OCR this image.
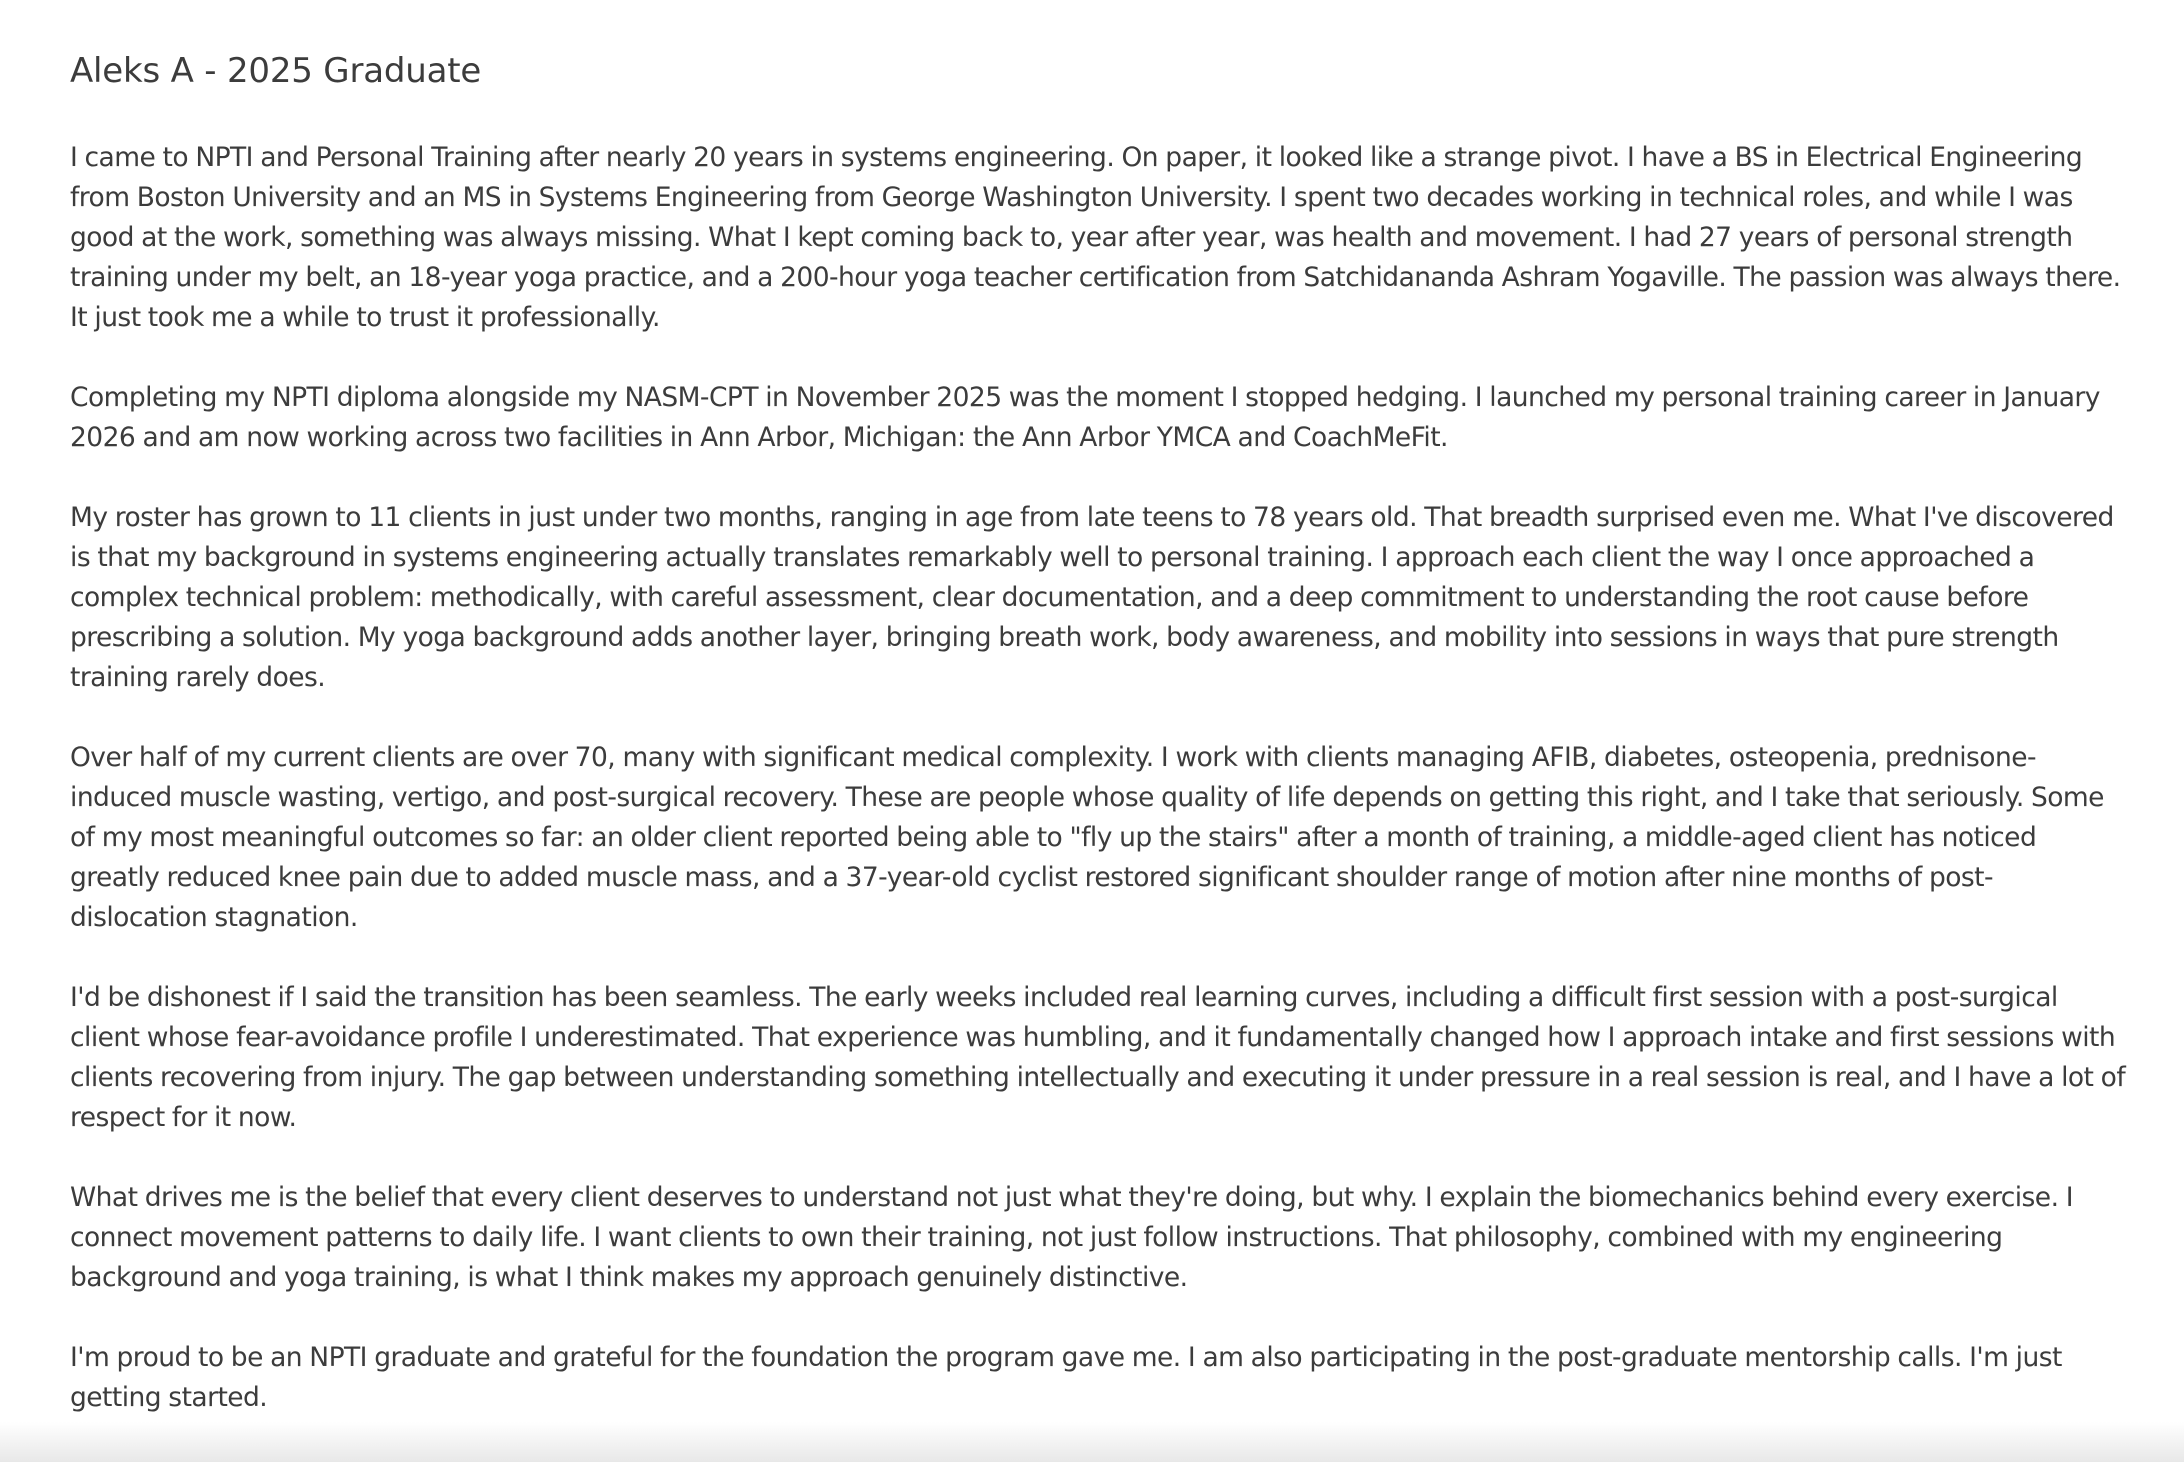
Aleks A - 2025 Graduate

I came to NPTI and Personal Training after nearly 20 years in systems engineering. On paper, it looked like a strange pivot. I have a BS in Electrical Engineering from Boston University and an MS in Systems Engineering from George Washington University. I spent two decades working in technical roles, and while I was good at the work, something was always missing. What I kept coming back to, year after year, was health and movement. I had 27 years of personal strength training under my belt, an 18-year yoga practice, and a 200-hour yoga teacher certification from Satchidananda Ashram Yogaville. The passion was always there. It just took me a while to trust it professionally.

Completing my NPTI diploma alongside my NASM-CPT in November 2025 was the moment I stopped hedging. I launched my personal training career in January 2026 and am now working across two facilities in Ann Arbor, Michigan: the Ann Arbor YMCA and CoachMeFit.

My roster has grown to 11 clients in just under two months, ranging in age from late teens to 78 years old. That breadth surprised even me. What I've discovered is that my background in systems engineering actually translates remarkably well to personal training. I approach each client the way I once approached a complex technical problem: methodically, with careful assessment, clear documentation, and a deep commitment to understanding the root cause before prescribing a solution. My yoga background adds another layer, bringing breath work, body awareness, and mobility into sessions in ways that pure strength training rarely does.

Over half of my current clients are over 70, many with significant medical complexity. I work with clients managing AFIB, diabetes, osteopenia, prednisone-induced muscle wasting, vertigo, and post-surgical recovery. These are people whose quality of life depends on getting this right, and I take that seriously. Some of my most meaningful outcomes so far: an older client reported being able to "fly up the stairs" after a month of training, a middle-aged client has noticed greatly reduced knee pain due to added muscle mass, and a 37-year-old cyclist restored significant shoulder range of motion after nine months of post-dislocation stagnation.

I'd be dishonest if I said the transition has been seamless. The early weeks included real learning curves, including a difficult first session with a post-surgical client whose fear-avoidance profile I underestimated. That experience was humbling, and it fundamentally changed how I approach intake and first sessions with clients recovering from injury. The gap between understanding something intellectually and executing it under pressure in a real session is real, and I have a lot of respect for it now.

What drives me is the belief that every client deserves to understand not just what they're doing, but why. I explain the biomechanics behind every exercise. I connect movement patterns to daily life. I want clients to own their training, not just follow instructions. That philosophy, combined with my engineering background and yoga training, is what I think makes my approach genuinely distinctive.

I'm proud to be an NPTI graduate and grateful for the foundation the program gave me. I am also participating in the post-graduate mentorship calls. I'm just getting started.
